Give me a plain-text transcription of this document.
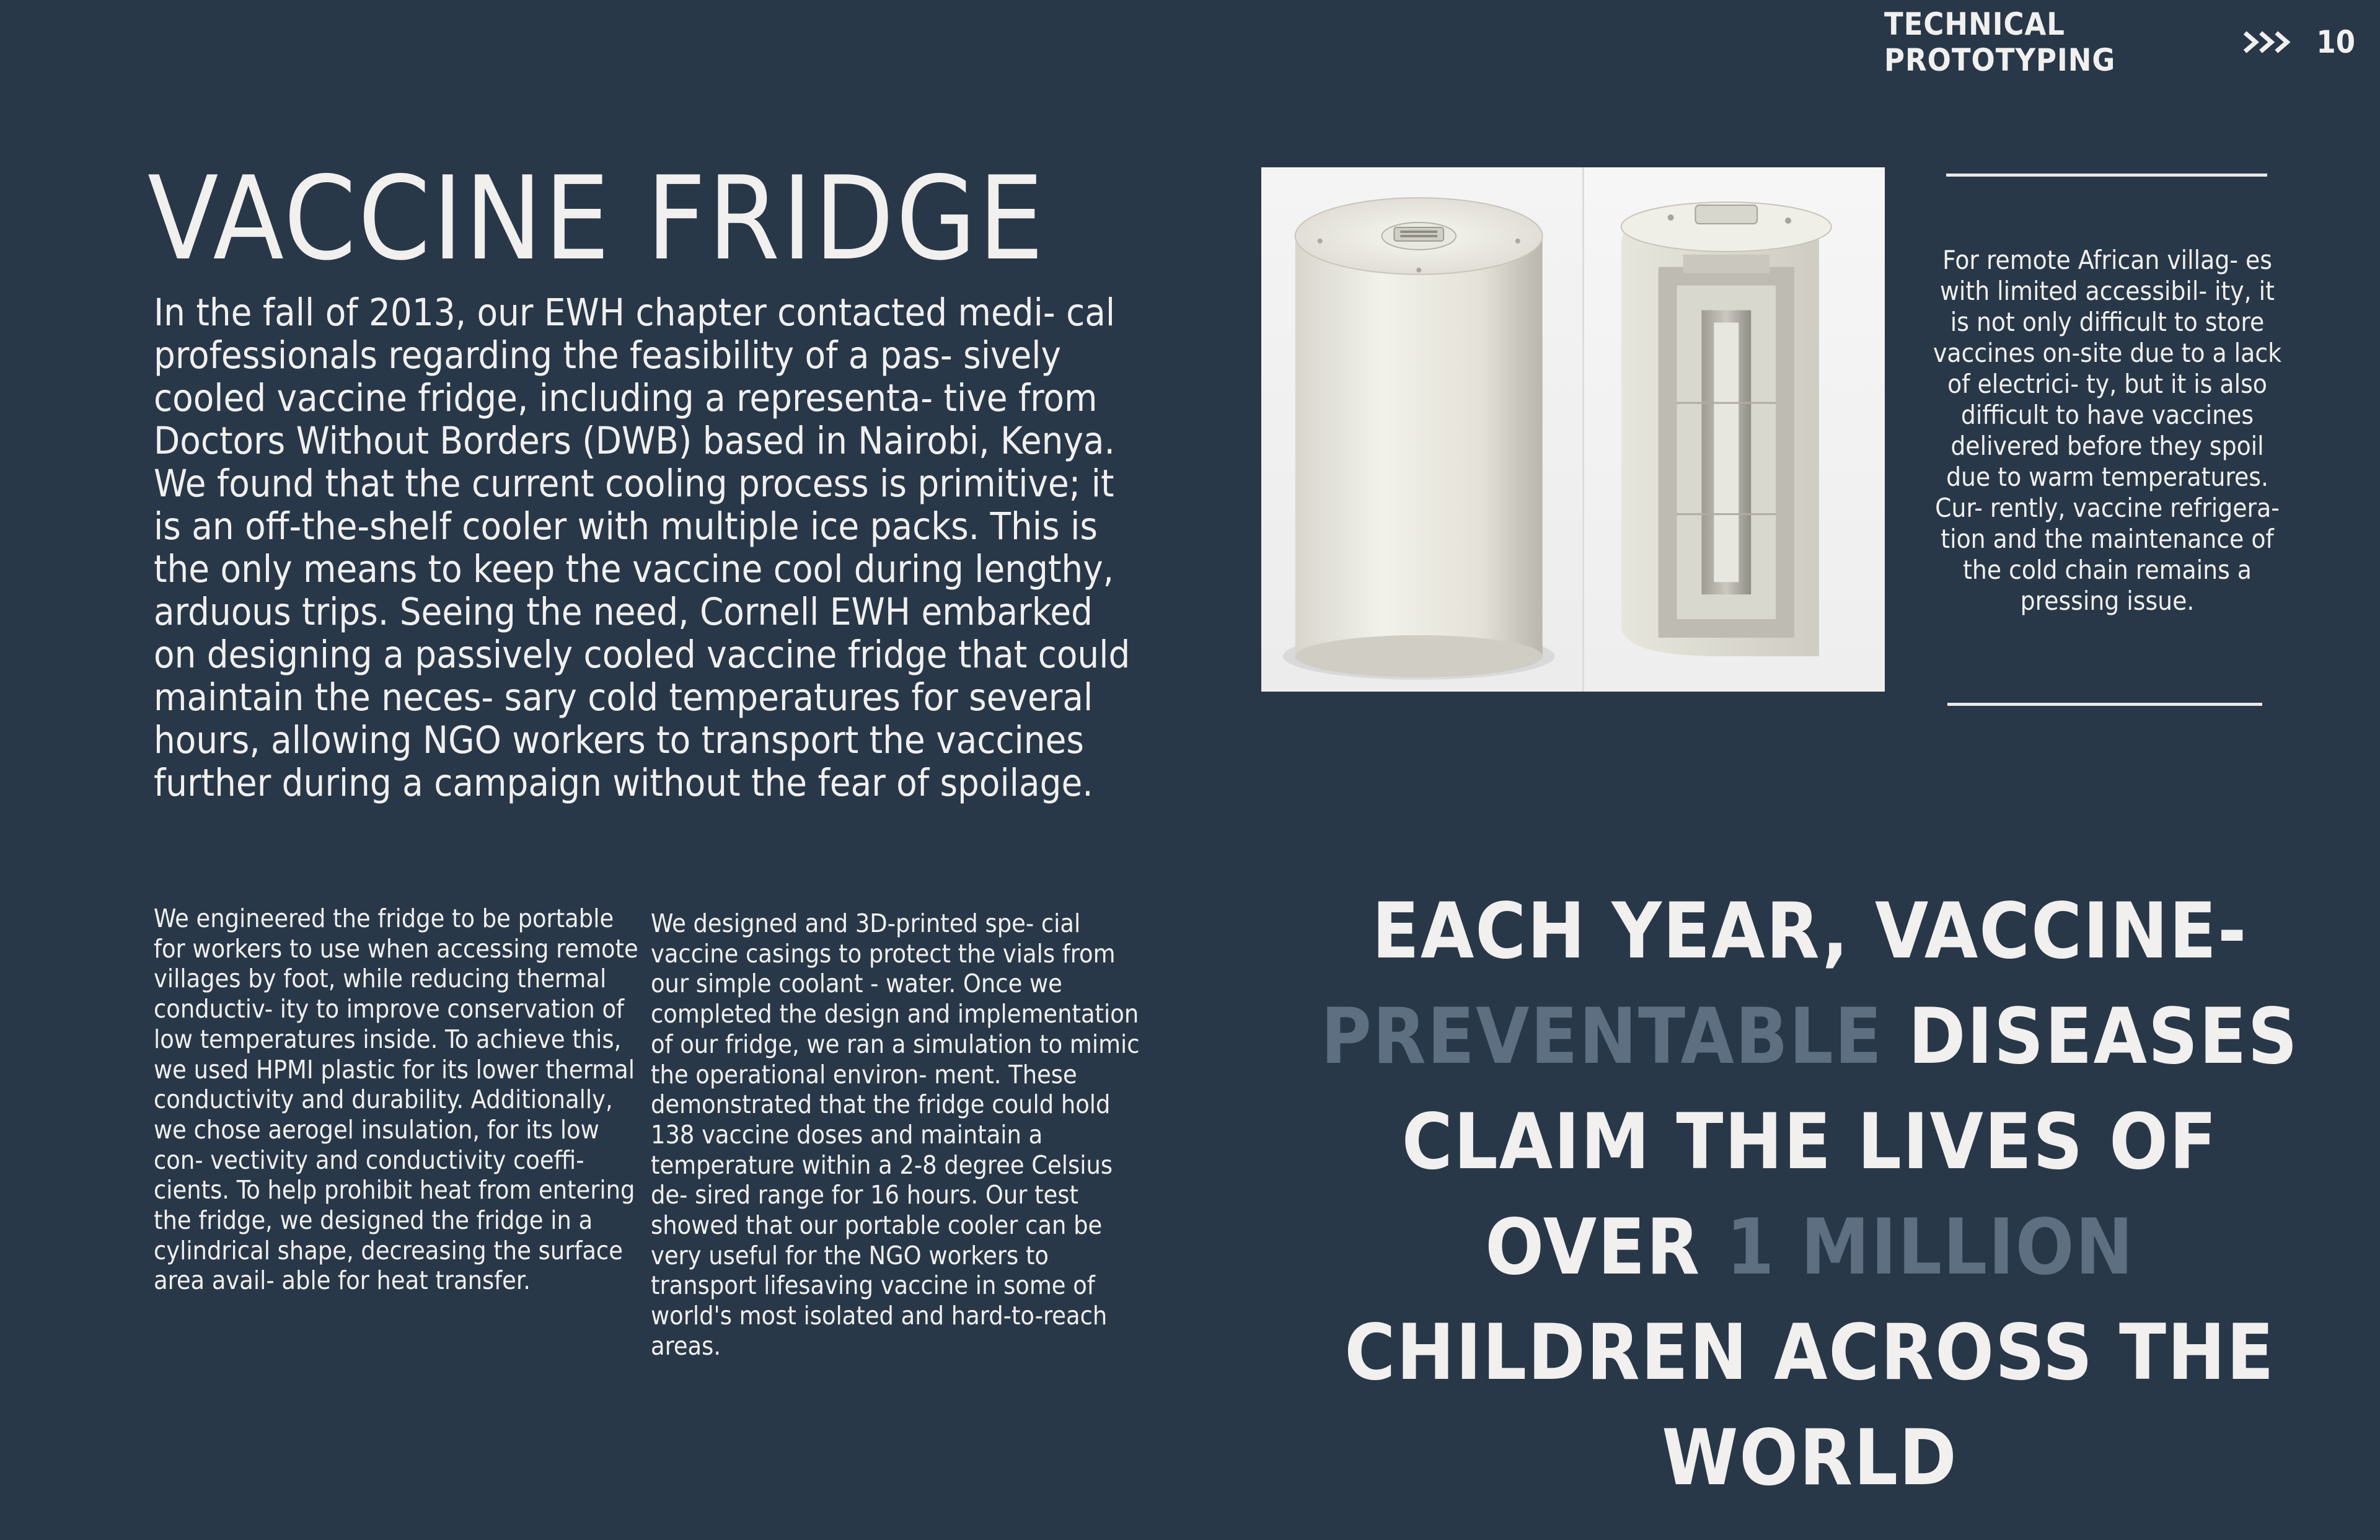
TECHNICAL PROTOTYPING	10
VACCINE FRIDGE
In the fall of 2013, our EWH chapter contacted medi- cal professionals regarding the feasibility of a pas- sively cooled vaccine fridge, including a representa- tive from Doctors Without Borders (DWB) based in Nairobi, Kenya. We found that the current cooling process is primitive; it is an off-the-shelf cooler with multiple ice packs. This is the only means to keep the vaccine cool during lengthy, arduous trips. Seeing the need, Cornell EWH embarked on designing a passively cooled vaccine fridge that could maintain the neces- sary cold temperatures for several hours, allowing NGO workers to transport the vaccines further during a campaign without the fear of spoilage.
We engineered the fridge to be portable for workers to use when accessing remote villages by foot, while reducing thermal conductiv- ity to improve conservation of low temperatures inside. To achieve this, we used HPMI plastic for its lower thermal conductivity and durability. Additionally, we chose aerogel insulation, for its low con- vectivity and conductivity coeffi- cients. To help prohibit heat from entering the fridge, we designed the fridge in a cylindrical shape, decreasing the surface area avail- able for heat transfer.
We designed and 3D-printed spe- cial vaccine casings to protect the vials from our simple coolant - water. Once we completed the design and implementation of our fridge, we ran a simulation to mimic the operational environ- ment. These demonstrated that the fridge could hold 138 vaccine doses and maintain a temperature within a 2-8 degree Celsius de- sired range for 16 hours. Our test showed that our portable cooler can be very useful for the NGO workers to transport lifesaving vaccine in some of world's most isolated and hard-to-reach areas.
For remote African villag- es with limited accessibil- ity, it is not only difficult to store vaccines on-site due to a lack of electrici- ty, but it is also difficult to have vaccines delivered before they spoil due to warm temperatures. Cur- rently, vaccine refrigera- tion and the maintenance of the cold chain remains a pressing issue.
EACH YEAR, VACCINE-
PREVENTABLE DISEASES CLAIM THE LIVES OF OVER 1 MILLION CHILDREN ACROSS THE WORLD
